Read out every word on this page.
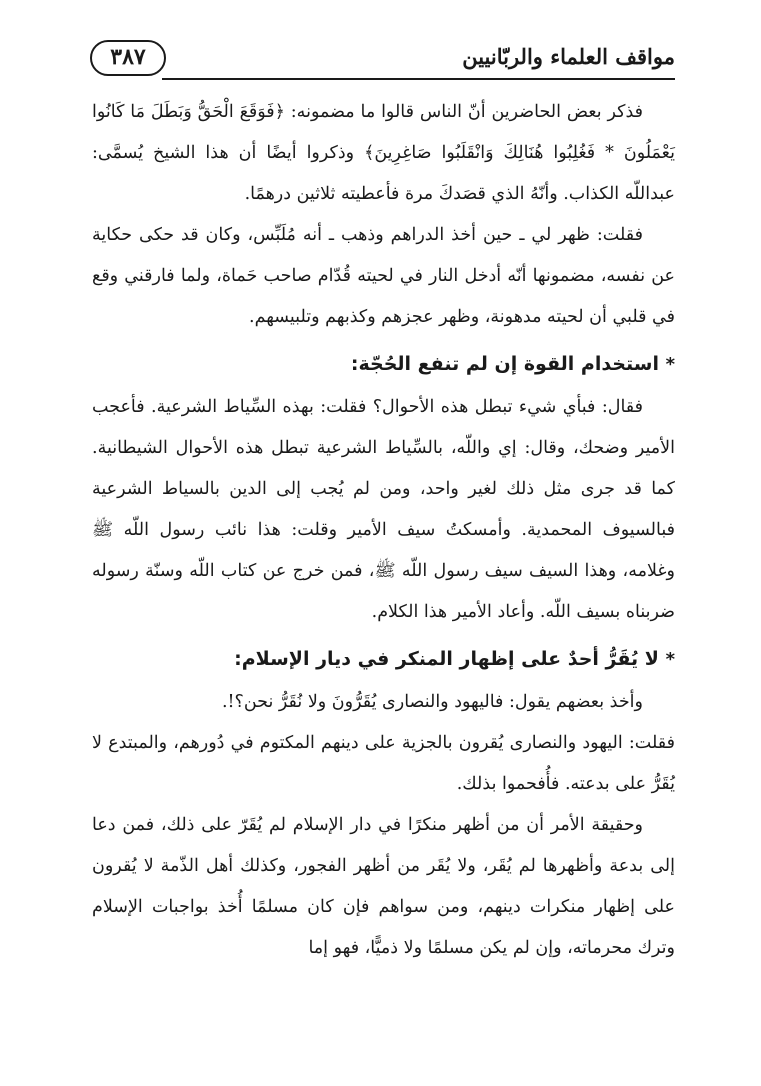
مواقف العلماء والربّانيين
٣٨٧

فذكر بعض الحاضرين أنّ الناس قالوا ما مضمونه: ﴿فَوَقَعَ الْحَقُّ وَبَطَلَ مَا كَانُوا يَعْمَلُونَ * فَغُلِبُوا هُنَالِكَ وَانْقَلَبُوا صَاغِرِينَ﴾ وذكروا أيضًا أن هذا الشيخ يُسمَّى: عبداللّه الكذاب. وأنّهُ الذي قصَدكَ مرة فأعطيته ثلاثين درهمًا.

فقلت: ظهر لي ـ حين أخذ الدراهم وذهب ـ أنه مُلَبِّس، وكان قد حكى حكاية عن نفسه، مضمونها أنّه أدخل النار في لحيته قُدّام صاحب حَماة، ولما فارقني وقع في قلبي أن لحيته مدهونة، وظهر عجزهم وكذبهم وتلبيسهم.

* استخدام القوة إن لم تنفع الحُجّة:

فقال: فبأي شيء تبطل هذه الأحوال؟ فقلت: بهذه السِّياط الشرعية. فأعجب الأمير وضحك، وقال: إي واللّه، بالسِّياط الشرعية تبطل هذه الأحوال الشيطانية. كما قد جرى مثل ذلك لغير واحد، ومن لم يُجب إلى الدين بالسياط الشرعية فبالسيوف المحمدية. وأمسكتُ سيف الأمير وقلت: هذا نائب رسول اللّه ﷺ وغلامه، وهذا السيف سيف رسول اللّه ﷺ، فمن خرج عن كتاب اللّه وسنّة رسوله ضربناه بسيف اللّه. وأعاد الأمير هذا الكلام.

* لا يُقَرُّ أحدٌ على إظهار المنكر في ديار الإسلام:

وأخذ بعضهم يقول: فاليهود والنصارى يُقَرُّونَ ولا نُقَرُّ نحن؟!.

فقلت: اليهود والنصارى يُقرون بالجزية على دينهم المكتوم في دُورهم، والمبتدع لا يُقَرُّ على بدعته. فأُفحموا بذلك.

وحقيقة الأمر أن من أظهر منكرًا في دار الإسلام لم يُقَرّ على ذلك، فمن دعا إلى بدعة وأظهرها لم يُقَر، ولا يُقَر من أظهر الفجور، وكذلك أهل الذّمة لا يُقرون على إظهار منكرات دينهم، ومن سواهم فإن كان مسلمًا أُخذ بواجبات الإسلام وترك محرماته، وإن لم يكن مسلمًا ولا ذميًّا، فهو إما
